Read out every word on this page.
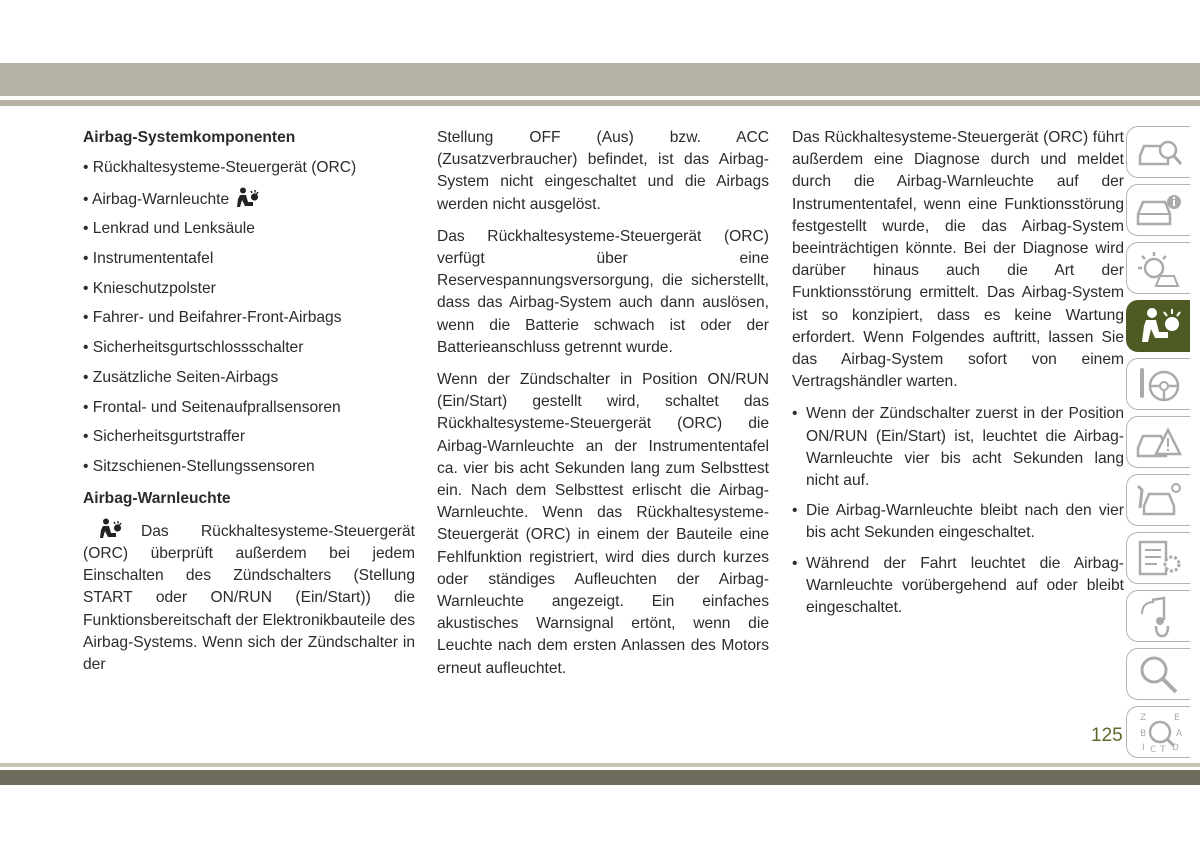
Airbag-Systemkomponenten
• Rückhaltesysteme-Steuergerät (ORC)
• Airbag-Warnleuchte
• Lenkrad und Lenksäule
• Instrumententafel
• Knieschutzpolster
• Fahrer- und Beifahrer-Front-Airbags
• Sicherheitsgurtschlossschalter
• Zusätzliche Seiten-Airbags
• Frontal- und Seitenaufprallsensoren
• Sicherheitsgurtstraffer
• Sitzschienen-Stellungssensoren
Airbag-Warnleuchte

Das Rückhaltesysteme-Steuergerät (ORC) überprüft außerdem bei jedem Einschalten des Zündschalters (Stellung START oder ON/RUN (Ein/Start)) die Funktionsbereitschaft der Elektronikbauteile des Airbag-Systems. Wenn sich der Zündschalter in der

Stellung OFF (Aus) bzw. ACC (Zusatzverbraucher) befindet, ist das Airbag-System nicht eingeschaltet und die Airbags werden nicht ausgelöst.

Das Rückhaltesysteme-Steuergerät (ORC) verfügt über eine Reservespannungsversorgung, die sicherstellt, dass das Airbag-System auch dann auslösen, wenn die Batterie schwach ist oder der Batterieanschluss getrennt wurde.

Wenn der Zündschalter in Position ON/RUN (Ein/Start) gestellt wird, schaltet das Rückhaltesysteme-Steuergerät (ORC) die Airbag-Warnleuchte an der Instrumententafel ca. vier bis acht Sekunden lang zum Selbsttest ein. Nach dem Selbsttest erlischt die Airbag-Warnleuchte. Wenn das Rückhaltesysteme-Steuergerät (ORC) in einem der Bauteile eine Fehlfunktion registriert, wird dies durch kurzes oder ständiges Aufleuchten der Airbag-Warnleuchte angezeigt. Ein einfaches akustisches Warnsignal ertönt, wenn die Leuchte nach dem ersten Anlassen des Motors erneut aufleuchtet.

Das Rückhaltesysteme-Steuergerät (ORC) führt außerdem eine Diagnose durch und meldet durch die Airbag-Warnleuchte auf der Instrumententafel, wenn eine Funktionsstörung festgestellt wurde, die das Airbag-System beeinträchtigen könnte. Bei der Diagnose wird darüber hinaus auch die Art der Funktionsstörung ermittelt. Das Airbag-System ist so konzipiert, dass es keine Wartung erfordert. Wenn Folgendes auftritt, lassen Sie das Airbag-System sofort von einem Vertragshändler warten.

• Wenn der Zündschalter zuerst in der Position ON/RUN (Ein/Start) ist, leuchtet die Airbag-Warnleuchte vier bis acht Sekunden lang nicht auf.
• Die Airbag-Warnleuchte bleibt nach den vier bis acht Sekunden eingeschaltet.
• Während der Fahrt leuchtet die Airbag-Warnleuchte vorübergehend auf oder bleibt eingeschaltet.
Z	E
B	A
D
I C T
125
